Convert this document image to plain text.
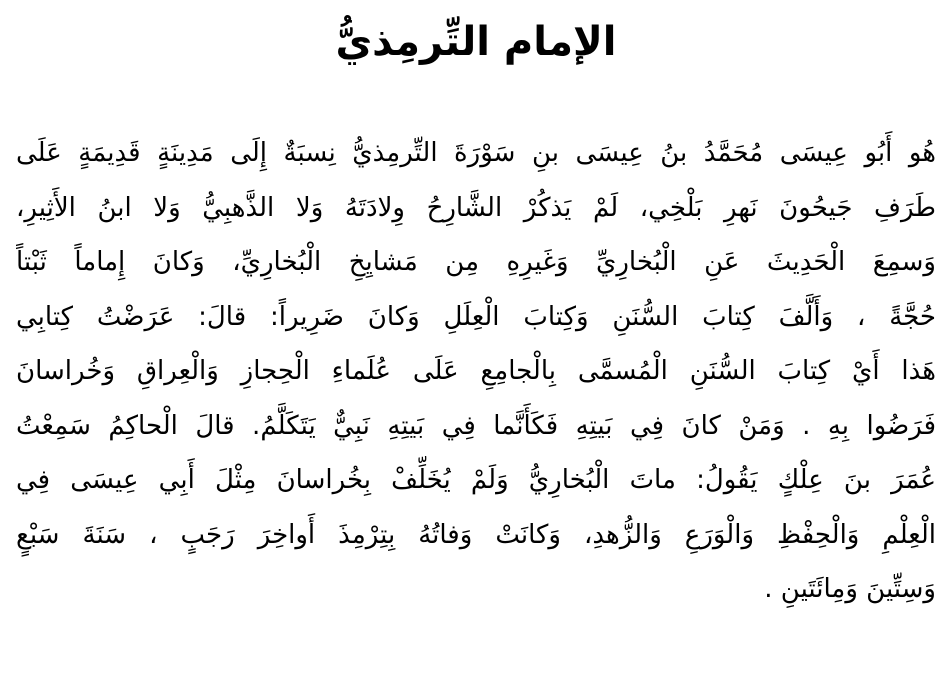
الإمام التِّرمِذيُّ
هُو أَبُو عِيسَى مُحَمَّدُ بنُ عِيسَى بنِ سَوْرَةَ التِّرمِذيُّ نِسبَةٌ إِلَى مَدِينَةٍ قَدِيمَةٍ عَلَى
طَرَفِ جَيحُونَ نَهرِ بَلْخِي، لَمْ يَذكُرْ الشَّارِحُ وِلادَتَهُ وَلا الذَّهبِيُّ وَلا ابنُ الأَثِيرِ،
وَسمِعَ الْحَدِيثَ عَنِ الْبُخارِيِّ وَغَيرِهِ مِن مَشايِخِ الْبُخارِيِّ، وَكانَ إِماماً ثَبْتاً
حُجَّةً ، وَأَلَّفَ كِتابَ السُّنَنِ وَكِتابَ الْعِلَلِ وَكانَ ضَرِيراً: قالَ: عَرَضْتُ كِتابِي
هَذا أَيْ كِتابَ السُّنَنِ الْمُسمَّى بِالْجامِعِ عَلَى عُلَماءِ الْحِجازِ وَالْعِراقِ وَخُراسانَ
فَرَضُوا بِهِ . وَمَنْ كانَ فِي بَيتِهِ فَكَأَنَّما فِي بَيتِهِ نَبِيٌّ يَتَكَلَّمُ. قالَ الْحاكِمُ سَمِعْتُ
عُمَرَ بنَ عِلْكٍ يَقُولُ: ماتَ الْبُخارِيُّ وَلَمْ يُخَلِّفْ بِخُراسانَ مِثْلَ أَبِي عِيسَى فِي
الْعِلْمِ وَالْحِفْظِ وَالْوَرَعِ وَالزُّهدِ، وَكانَتْ وَفاتُهُ بِتِرْمِذَ أَواخِرَ رَجَبٍ ، سَنَةَ سَبْعٍ
وَسِتِّينَ وَمِائَتَينِ .
